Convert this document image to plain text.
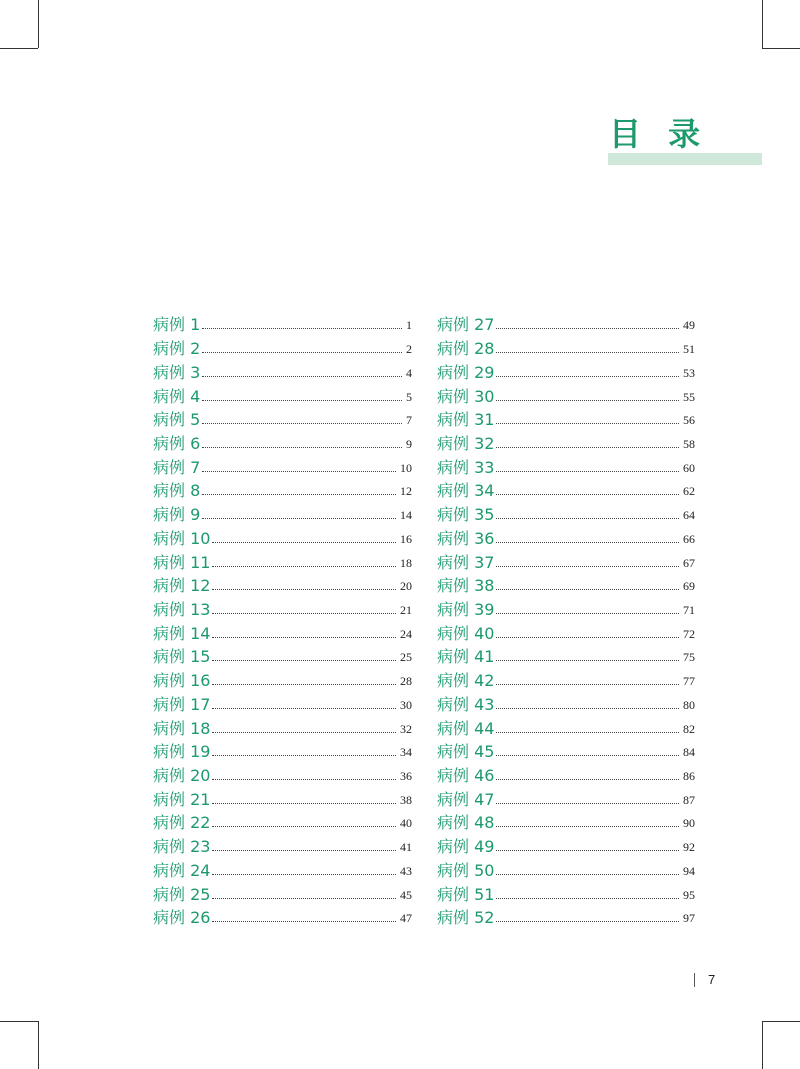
目 录
病例 1	1
病例 2	2
病例 3	4
病例 4	5
病例 5	7
病例 6	9
病例 7	10
病例 8	12
病例 9	14
病例 10	16
病例 11	18
病例 12	20
病例 13	21
病例 14	24
病例 15	25
病例 16	28
病例 17	30
病例 18	32
病例 19	34
病例 20	36
病例 21	38
病例 22	40
病例 23	41
病例 24	43
病例 25	45
病例 26	47
病例 27	49
病例 28	51
病例 29	53
病例 30	55
病例 31	56
病例 32	58
病例 33	60
病例 34	62
病例 35	64
病例 36	66
病例 37	67
病例 38	69
病例 39	71
病例 40	72
病例 41	75
病例 42	77
病例 43	80
病例 44	82
病例 45	84
病例 46	86
病例 47	87
病例 48	90
病例 49	92
病例 50	94
病例 51	95
病例 52	97
7
